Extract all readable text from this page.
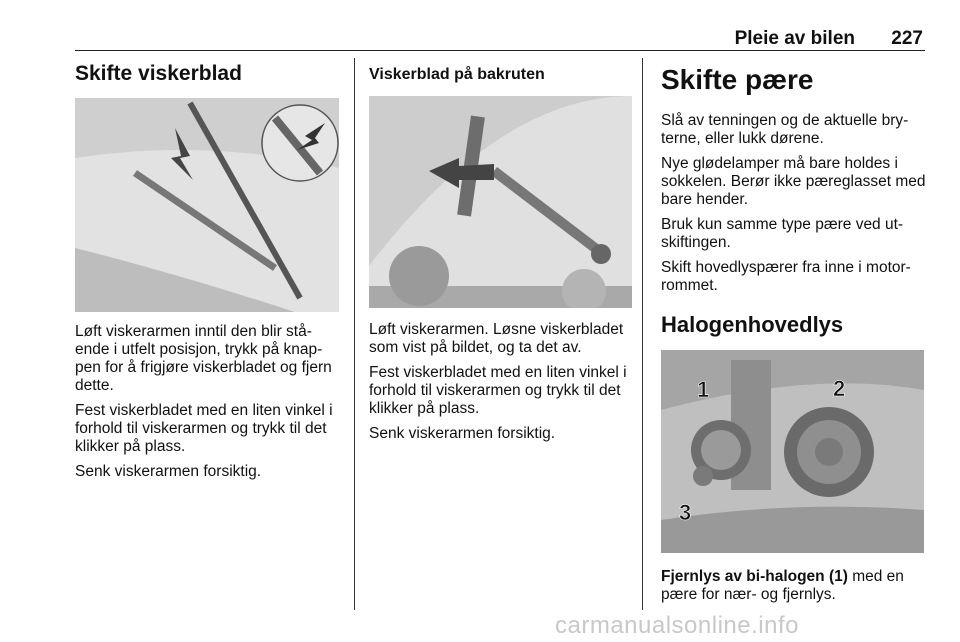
Pleie av bilen 227
Skifte viskerblad

Løft viskerarmen inntil den blir stå-ende i utfelt posisjon, trykk på knap-pen for å frigjøre viskerbladet og fjern dette.

Fest viskerbladet med en liten vinkel i forhold til viskerarmen og trykk til det klikker på plass.

Senk viskerarmen forsiktig.

Viskerblad på bakruten

Løft viskerarmen. Løsne viskerbladet som vist på bildet, og ta det av.

Fest viskerbladet med en liten vinkel i forhold til viskerarmen og trykk til det klikker på plass.

Senk viskerarmen forsiktig.

Skifte pære

Slå av tenningen og de aktuelle bry-terne, eller lukk dørene.

Nye glødelamper må bare holdes i sokkelen. Berør ikke pæreglasset med bare hender.

Bruk kun samme type pære ved ut-skiftingen.

Skift hovedlyspærer fra inne i motor-rommet.

Halogenhovedlys
1	2
3

Fjernlys av bi-halogen (1) med en pære for nær- og fjernlys.

carmanualsonline.info
